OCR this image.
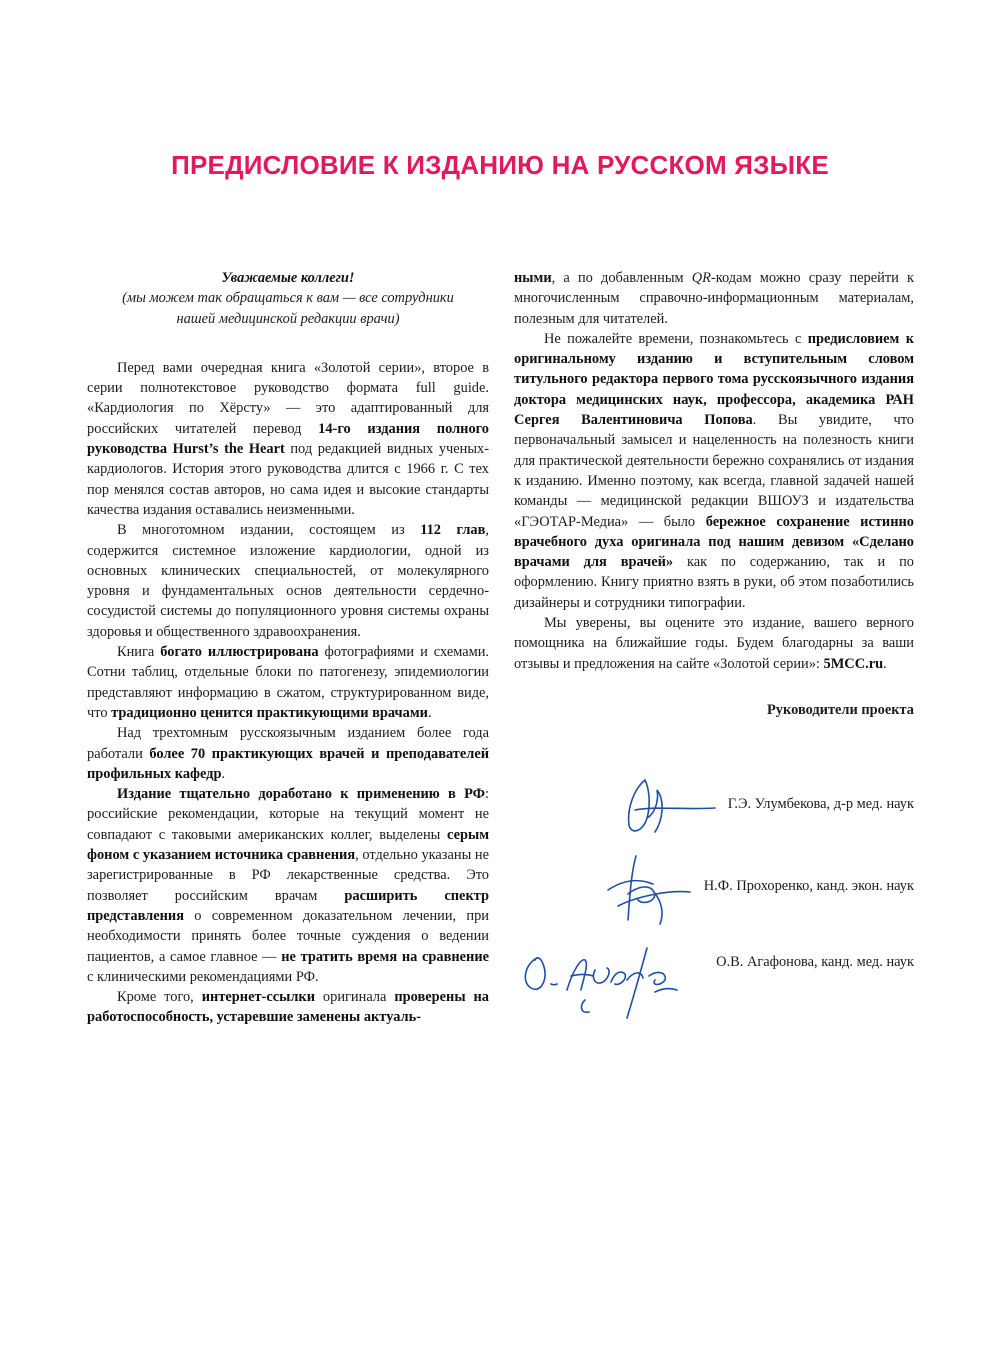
ПРЕДИСЛОВИЕ К ИЗДАНИЮ НА РУССКОМ ЯЗЫКЕ
Уважаемые коллеги!
(мы можем так обращаться к вам — все сотрудники
нашей медицинской редакции врачи)

Перед вами очередная книга «Золотой серии», второе в серии полнотекстовое руководство формата full guide. «Кардиология по Хёрсту» — это адаптированный для российских читателей перевод 14-го издания полного руководства Hurst’s the Heart под редакцией видных ученых-кардиологов. История этого руководства длится с 1966 г. С тех пор менялся состав авторов, но сама идея и высокие стандарты качества издания оставались неизменными.

В многотомном издании, состоящем из 112 глав, содержится системное изложение кардиологии, одной из основных клинических специальностей, от молекулярного уровня и фундаментальных основ деятельности сердечно-сосудистой системы до популяционного уровня системы охраны здоровья и общественного здравоохранения.

Книга богато иллюстрирована фотографиями и схемами. Сотни таблиц, отдельные блоки по патогенезу, эпидемиологии представляют информацию в сжатом, структурированном виде, что традиционно ценится практикующими врачами.

Над трехтомным русскоязычным изданием более года работали более 70 практикующих врачей и преподавателей профильных кафедр.

Издание тщательно доработано к применению в РФ: российские рекомендации, которые на текущий момент не совпадают с таковыми американских коллег, выделены серым фоном с указанием источника сравнения, отдельно указаны не зарегистрированные в РФ лекарственные средства. Это позволяет российским врачам расширить спектр представления о современном доказательном лечении, при необходимости принять более точные суждения о ведении пациентов, а самое главное — не тратить время на сравнение с клиническими рекомендациями РФ.

Кроме того, интернет-ссылки оригинала проверены на работоспособность, устаревшие заменены актуаль-

ными, а по добавленным QR-кодам можно сразу перейти к многочисленным справочно-информационным материалам, полезным для читателей.

Не пожалейте времени, познакомьтесь с предисловием к оригинальному изданию и вступительным словом титульного редактора первого тома русскоязычного издания доктора медицинских наук, профессора, академика РАН Сергея Валентиновича Попова. Вы увидите, что первоначальный замысел и нацеленность на полезность книги для практической деятельности бережно сохранялись от издания к изданию. Именно поэтому, как всегда, главной задачей нашей команды — медицинской редакции ВШОУЗ и издательства «ГЭОТАР-Медиа» — было бережное сохранение истинно врачебного духа оригинала под нашим девизом «Сделано врачами для врачей» как по содержанию, так и по оформлению. Книгу приятно взять в руки, об этом позаботились дизайнеры и сотрудники типографии.

Мы уверены, вы оцените это издание, вашего верного помощника на ближайшие годы. Будем благодарны за ваши отзывы и предложения на сайте «Золотой серии»: 5MCC.ru.

Руководители проекта
Г.Э. Улумбекова, д-р мед. наук
Н.Ф. Прохоренко, канд. экон. наук
О.В. Агафонова, канд. мед. наук
